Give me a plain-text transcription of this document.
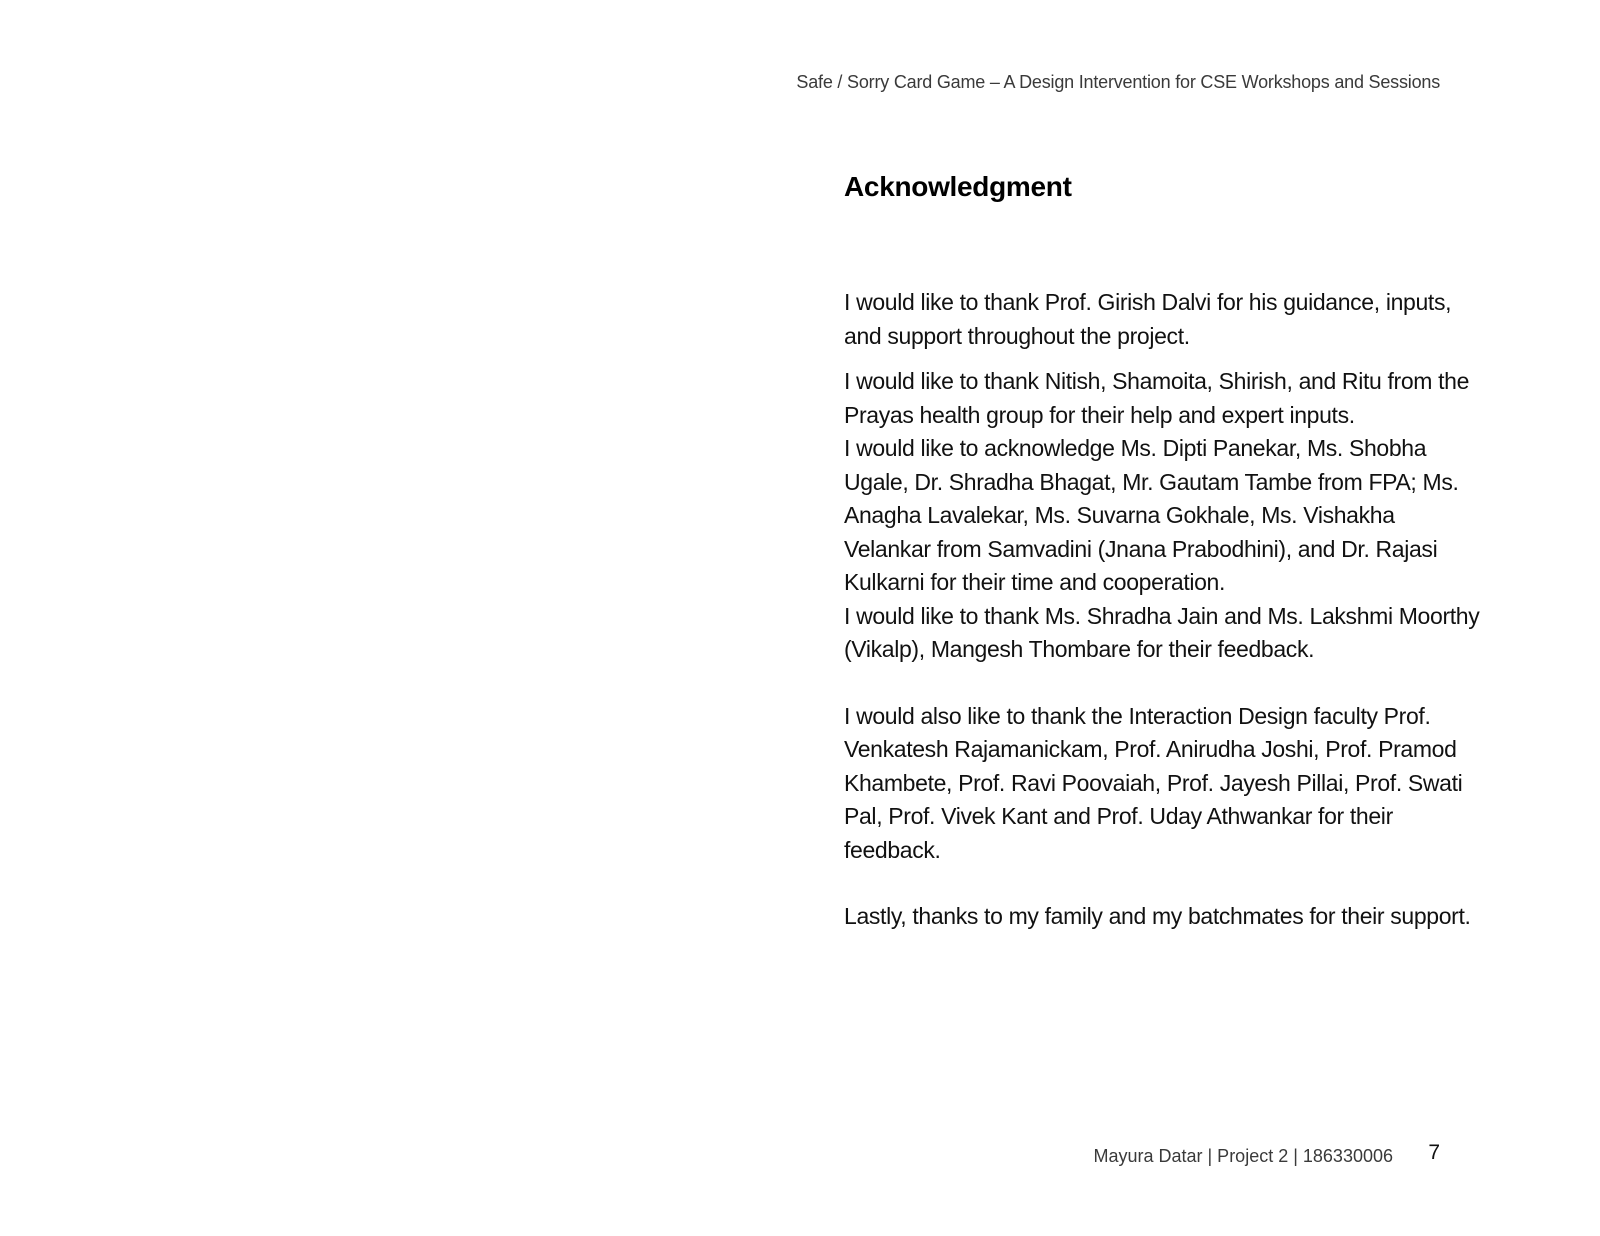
Safe / Sorry Card Game – A Design Intervention for CSE Workshops and Sessions
Acknowledgment

I would like to thank Prof. Girish Dalvi for his guidance, inputs, and support throughout the project.

I would like to thank Nitish, Shamoita, Shirish, and Ritu from the Prayas health group for their help and expert inputs.

I would like to acknowledge Ms. Dipti Panekar, Ms. Shobha Ugale, Dr. Shradha Bhagat, Mr. Gautam Tambe from FPA; Ms. Anagha Lavalekar, Ms. Suvarna Gokhale, Ms. Vishakha Velankar from Samvadini (Jnana Prabodhini), and Dr. Rajasi Kulkarni for their time and cooperation.

I would like to thank Ms. Shradha Jain and Ms. Lakshmi Moorthy (Vikalp), Mangesh Thombare for their feedback.

I would also like to thank the Interaction Design faculty Prof. Venkatesh Rajamanickam, Prof. Anirudha Joshi, Prof. Pramod Khambete, Prof. Ravi Poovaiah, Prof. Jayesh Pillai, Prof. Swati Pal, Prof. Vivek Kant and Prof. Uday Athwankar for their feedback.

Lastly, thanks to my family and my batchmates for their support.

Mayura Datar | Project 2 | 186330006 7
